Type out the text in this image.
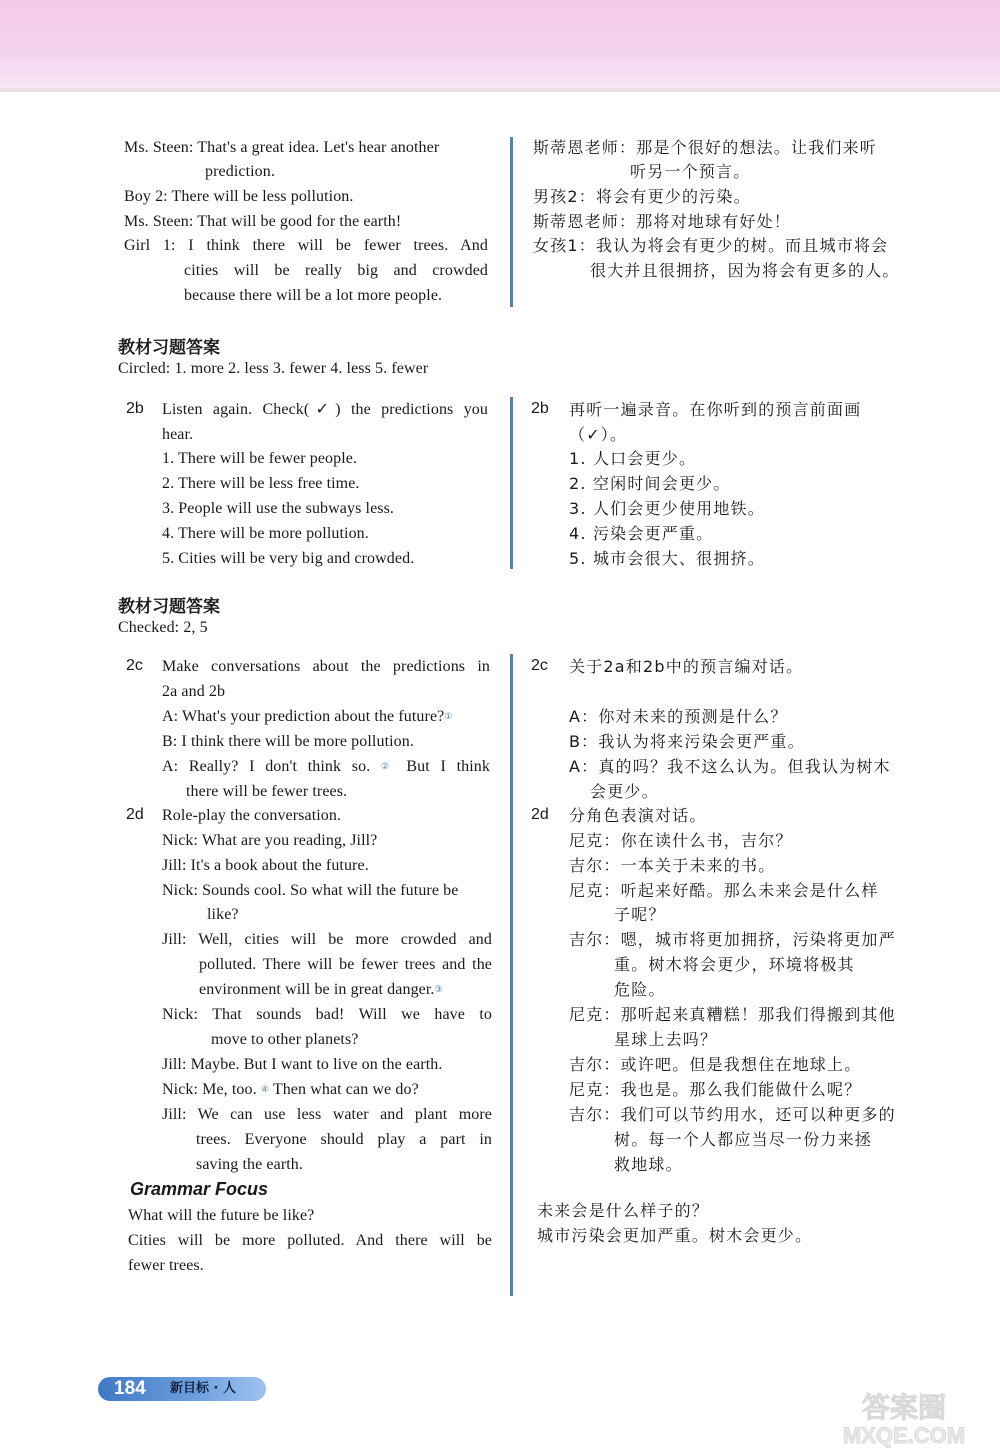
Ms. Steen: That's a great idea. Let's hear another
prediction.
Boy 2: There will be less pollution.
Ms. Steen: That will be good for the earth!
Girl 1: I think there will be fewer trees. And
cities will be really big and crowded
because there will be a lot more people.
斯蒂恩老师：那是个很好的想法。让我们来听
听另一个预言。
男孩2：将会有更少的污染。
斯蒂恩老师：那将对地球有好处！
女孩1：我认为将会有更少的树。而且城市将会
很大并且很拥挤，因为将会有更多的人。
教材习题答案
Circled: 1. more 2. less 3. fewer 4. less 5. fewer
2b Listen again. Check(✓) the predictions you
hear.
1. There will be fewer people.
2. There will be less free time.
3. People will use the subways less.
4. There will be more pollution.
5. Cities will be very big and crowded.
2b 再听一遍录音。在你听到的预言前面画
（✓）。
1. 人口会更少。
2. 空闲时间会更少。
3. 人们会更少使用地铁。
4. 污染会更严重。
5. 城市会很大、很拥挤。
教材习题答案
Checked: 2, 5
2c Make conversations about the predictions in
2a and 2b
A: What's your prediction about the future?①
B: I think there will be more pollution.
A: Really? I don't think so. ② But I think
there will be fewer trees.
2c 关于2a和2b中的预言编对话。
A：你对未来的预测是什么？
B：我认为将来污染会更严重。
A：真的吗？我不这么认为。但我认为树木
会更少。
2d Role-play the conversation.
Nick: What are you reading, Jill?
Jill: It's a book about the future.
Nick: Sounds cool. So what will the future be
like?
Jill: Well, cities will be more crowded and
polluted. There will be fewer trees and the
environment will be in great danger.③
Nick: That sounds bad! Will we have to
move to other planets?
Jill: Maybe. But I want to live on the earth.
Nick: Me, too. ④ Then what can we do?
Jill: We can use less water and plant more
trees. Everyone should play a part in
saving the earth.
2d 分角色表演对话。
尼克：你在读什么书，吉尔？
吉尔：一本关于未来的书。
尼克：听起来好酷。那么未来会是什么样
子呢？
吉尔：嗯，城市将更加拥挤，污染将更加严
重。树木将会更少，环境将极其
危险。
尼克：那听起来真糟糕！那我们得搬到其他
星球上去吗？
吉尔：或许吧。但是我想住在地球上。
尼克：我也是。那么我们能做什么呢？
吉尔：我们可以节约用水，还可以种更多的
树。每一个人都应当尽一份力来拯
救地球。
Grammar Focus
What will the future be like?
Cities will be more polluted. And there will be
fewer trees.
未来会是什么样子的？
城市污染会更加严重。树木会更少。
184 新目标 · 人
答案圈
MXQE.COM
